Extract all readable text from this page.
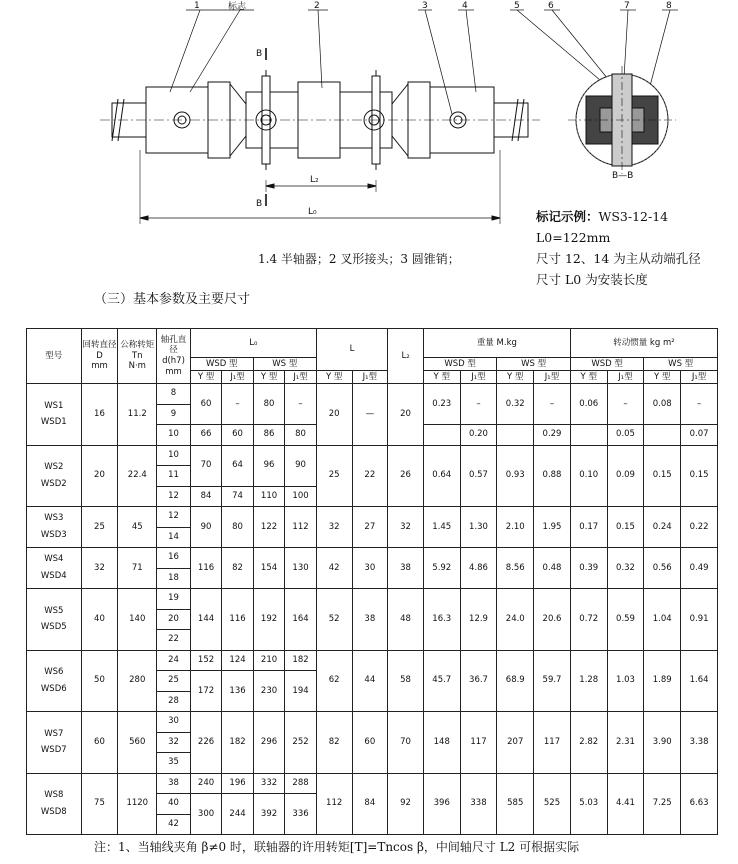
1	标志	2	3	4	5	6	7	8
B
B
L₂
L₀
B—B
1.4 半轴器；2 叉形接头；3 圆锥销；
标记示例：WS3-12-14
L0=122mm
尺寸 12、14 为主从动端孔径
尺寸 L0 为安装长度
（三）基本参数及主要尺寸
型号	回转直径
D
mm	公称转矩
Tn
N·m	轴孔直径
d(h7)
mm	L₀				L		L₂	重量 M.kg				转动惯量 kg m²			
				WSD 型		WS 型					WSD 型		WS 型		WSD 型		WS 型	
				Y 型	J₁型	Y 型	J₁型	Y 型	J₁型		Y 型	J₁型	Y 型	J₁型	Y 型	J₁型	Y 型	J₁型

WS1
WSD1	16	11.2	8	60	–	80	–	20	—	20	0.23	–	0.32	–	0.06	–	0.08	–
			9															
			10	66	60	86	80					0.20		0.29		0.05		0.07

WS2
WSD2	20	22.4	10	70	64	96	90	25	22	26	0.64	0.57	0.93	0.88	0.10	0.09	0.15	0.15
			11															
			12	84	74	110	100											

WS3
WSD3	25	45	12	90	80	122	112	32	27	32	1.45	1.30	2.10	1.95	0.17	0.15	0.24	0.22
			14															

WS4
WSD4	32	71	16	116	82	154	130	42	30	38	5.92	4.86	8.56	0.48	0.39	0.32	0.56	0.49
			18															

WS5
WSD5	40	140	19	144	116	192	164	52	38	48	16.3	12.9	24.0	20.6	0.72	0.59	1.04	0.91
			20															
			22															

WS6
WSD6	50	280	24	152	124	210	182	62	44	58	45.7	36.7	68.9	59.7	1.28	1.03	1.89	1.64
			25	172	136	230	194											
			28															

WS7
WSD7	60	560	30	226	182	296	252	82	60	70	148	117	207	117	2.82	2.31	3.90	3.38
			32															
			35															

WS8
WSD8	75	1120	38	240	196	332	288	112	84	92	396	338	585	525	5.03	4.41	7.25	6.63
			40	300	244	392	336											
			42															
注：1、当轴线夹角 β≠0 时，联轴器的许用转矩[T]=Tncos β，中间轴尺寸 L2 可根据实际
